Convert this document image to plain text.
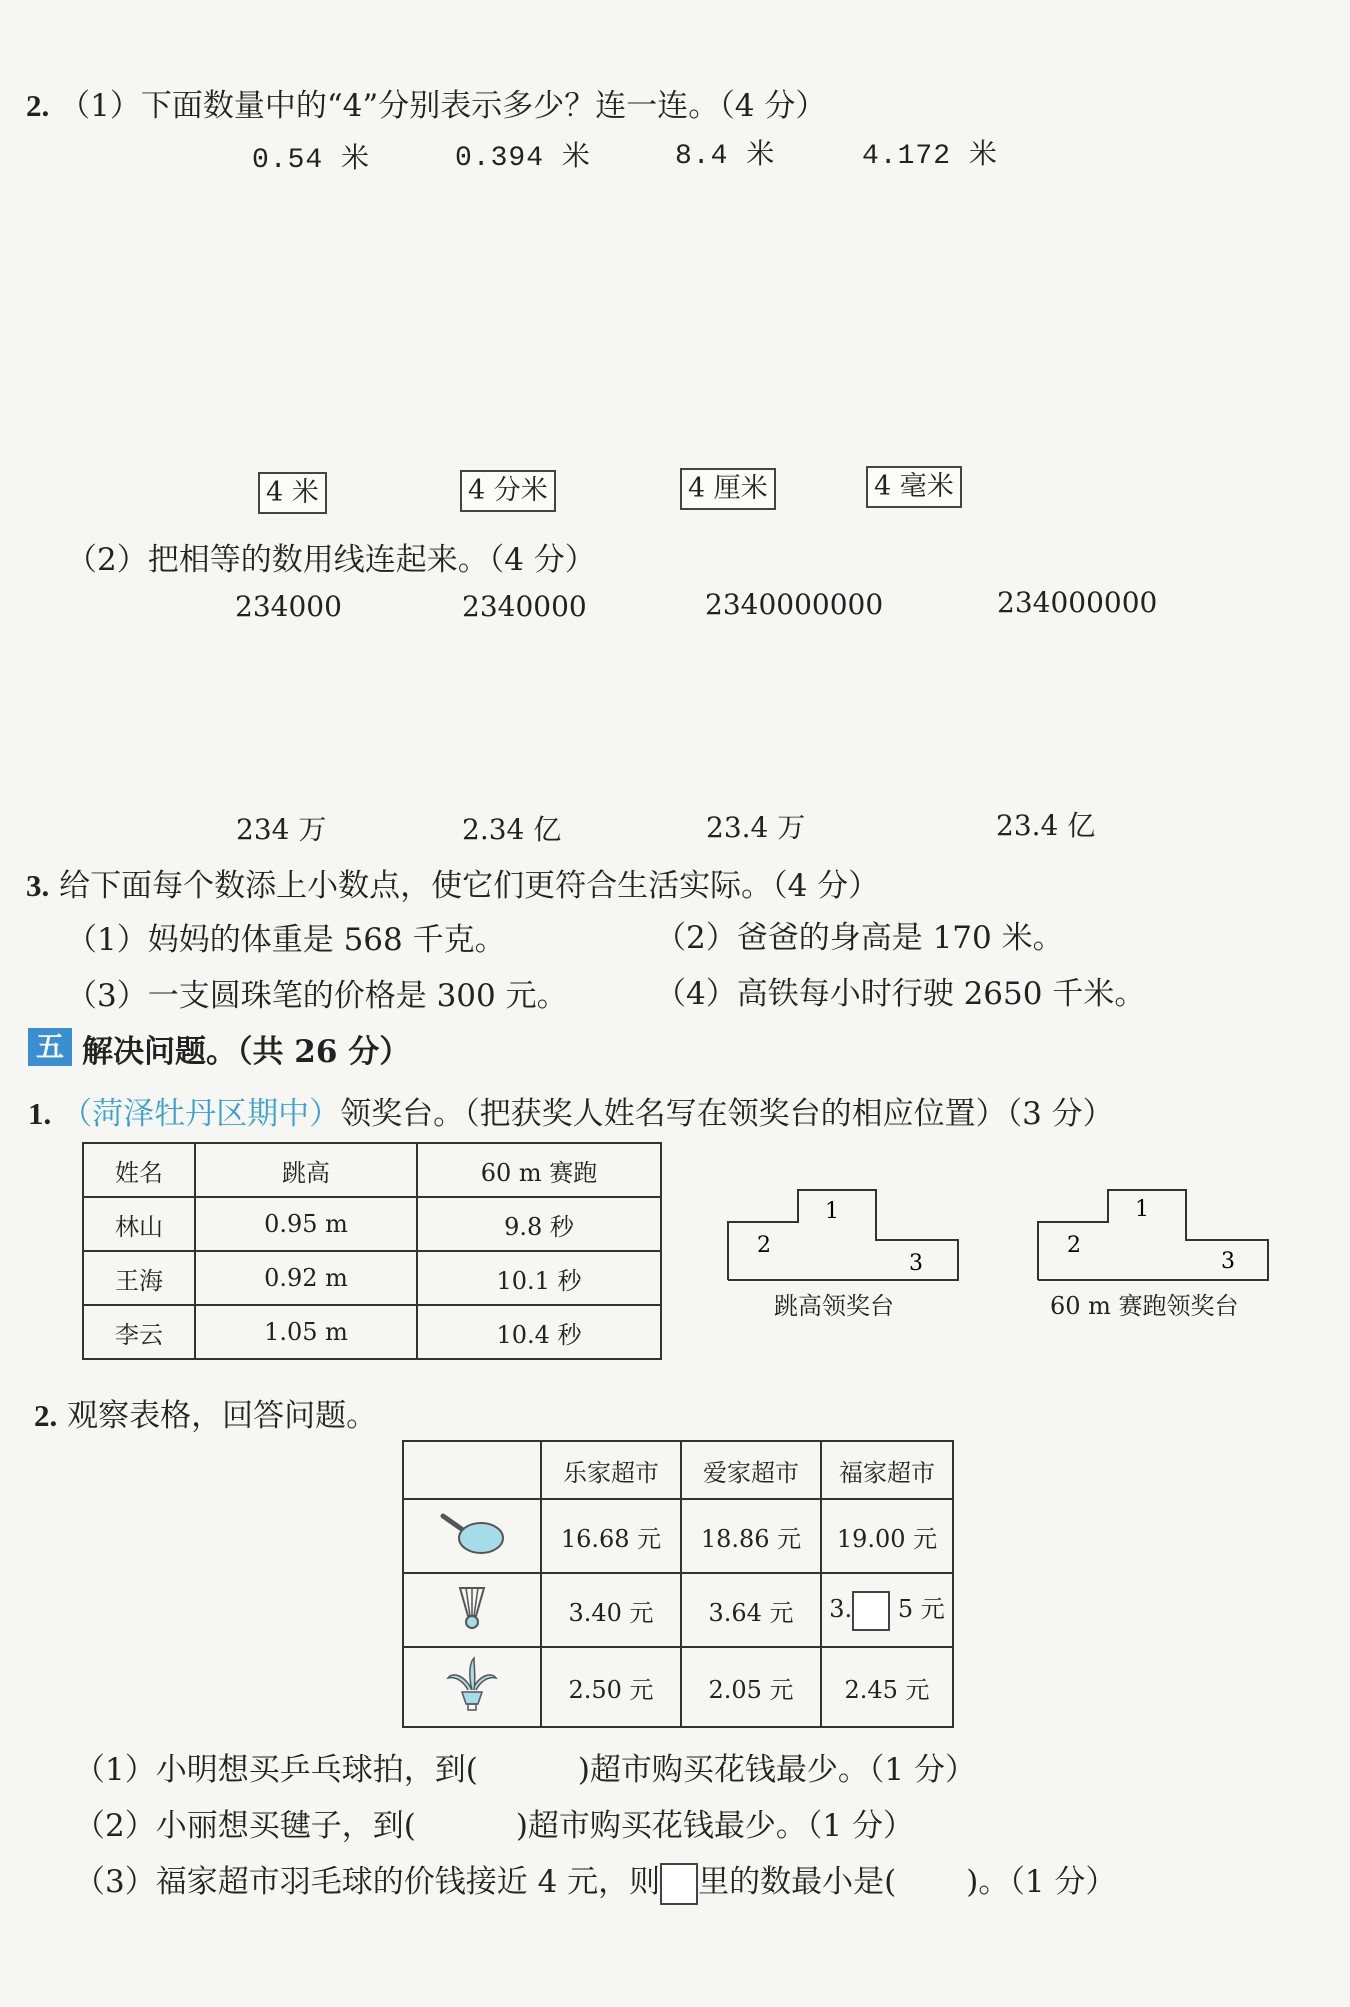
2. （1）下面数量中的“4”分别表示多少？连一连。（4 分）
0.54 米	0.394 米	8.4 米	4.172 米
4 米	4 分米	4 厘米	4 毫米
（2）把相等的数用线连起来。（4 分）
234000	2340000	2340000000	234000000
234 万	2.34 亿	23.4 万	23.4 亿
3. 给下面每个数添上小数点，使它们更符合生活实际。（4 分）
（1）妈妈的体重是 568 千克。	（2）爸爸的身高是 170 米。
（3）一支圆珠笔的价格是 300 元。	（4）高铁每小时行驶 2650 千米。
五 解决问题。（共 26 分）
1. （菏泽牡丹区期中）领奖台。（把获奖人姓名写在领奖台的相应位置）（3 分）
姓名	跳高	60 m 赛跑
林山	0.95 m	9.8 秒
王海	0.92 m	10.1 秒
李云	1.05 m	10.4 秒
1
2
3
跳高领奖台
1
2
3
60 m 赛跑领奖台
2. 观察表格，回答问题。
	乐家超市	爱家超市	福家超市
	16.68 元	18.86 元	19.00 元
	3.40 元	3.64 元	3. 5 元
	2.50 元	2.05 元	2.45 元
（1）小明想买乒乓球拍，到(	)超市购买花钱最少。（1 分）
（2）小丽想买毽子，到(	)超市购买花钱最少。（1 分）
（3）福家超市羽毛球的价钱接近 4 元，则 里的数最小是( )。（1 分）
